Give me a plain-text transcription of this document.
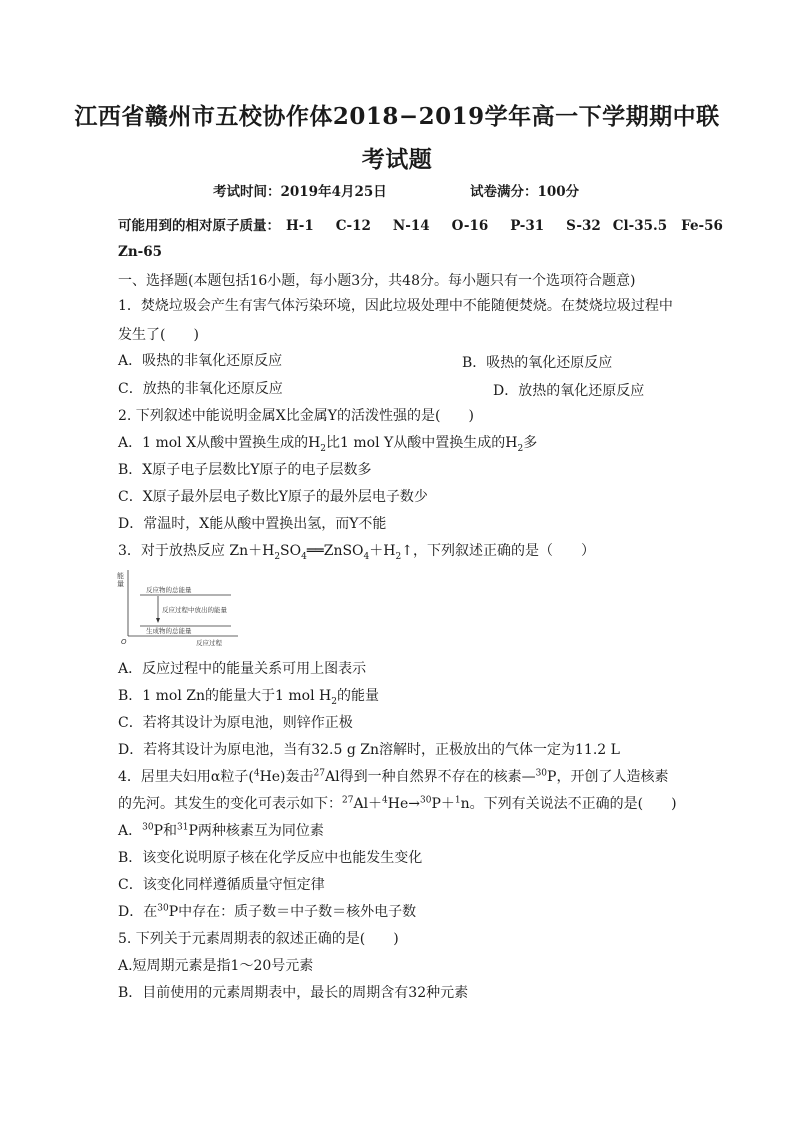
江西省赣州市五校协作体2018−2019学年高一下学期期中联
考试题
考试时间：2019年4月25日	试卷满分：100分
可能用到的相对原子质量： H-1 C-12 N-14 O-16 P-31 S-32 Cl-35.5 Fe-56
Zn-65
一、选择题(本题包括16小题，每小题3分，共48分。每小题只有一个选项符合题意)
1．焚烧垃圾会产生有害气体污染环境，因此垃圾处理中不能随便焚烧。在焚烧垃圾过程中
发生了(　　)
A．吸热的非氧化还原反应	B．吸热的氧化还原反应
C．放热的非氧化还原反应	D．放热的氧化还原反应
2. 下列叙述中能说明金属X比金属Y的活泼性强的是(　　)
A．1 mol X从酸中置换生成的$H_2$比1 mol Y从酸中置换生成的$H_2$多
B．X原子电子层数比Y原子的电子层数多
C．X原子最外层电子数比Y原子的最外层电子数少
D．常温时，X能从酸中置换出氢，而Y不能
3．对于放热反应 $Zn+H_2SO_4══ZnSO_4+H_2↑$，下列叙述正确的是（　　）
能
量
反应物的总能量
反应过程中放出的能量
生成物的总能量
O	反应过程
A．反应过程中的能量关系可用上图表示
B．1 mol Zn的能量大于1 mol $H_2$的能量
C．若将其设计为原电池，则锌作正极
D．若将其设计为原电池，当有32.5 g Zn溶解时，正极放出的气体一定为11.2 L
4．居里夫妇用α粒子($^4$He)轰击$^{27}$Al得到一种自然界不存在的核素—$^{30}$P，开创了人造核素
的先河。其发生的变化可表示如下：$^{27}$Al＋$^4$He→$^{30}$P＋$^1$n。下列有关说法不正确的是(　　)
A．$^{30}$P和$^{31}$P两种核素互为同位素
B．该变化说明原子核在化学反应中也能发生变化
C．该变化同样遵循质量守恒定律
D．在$^{30}$P中存在：质子数＝中子数＝核外电子数
5. 下列关于元素周期表的叙述正确的是(　　)
A.短周期元素是指1～20号元素
B．目前使用的元素周期表中，最长的周期含有32种元素
